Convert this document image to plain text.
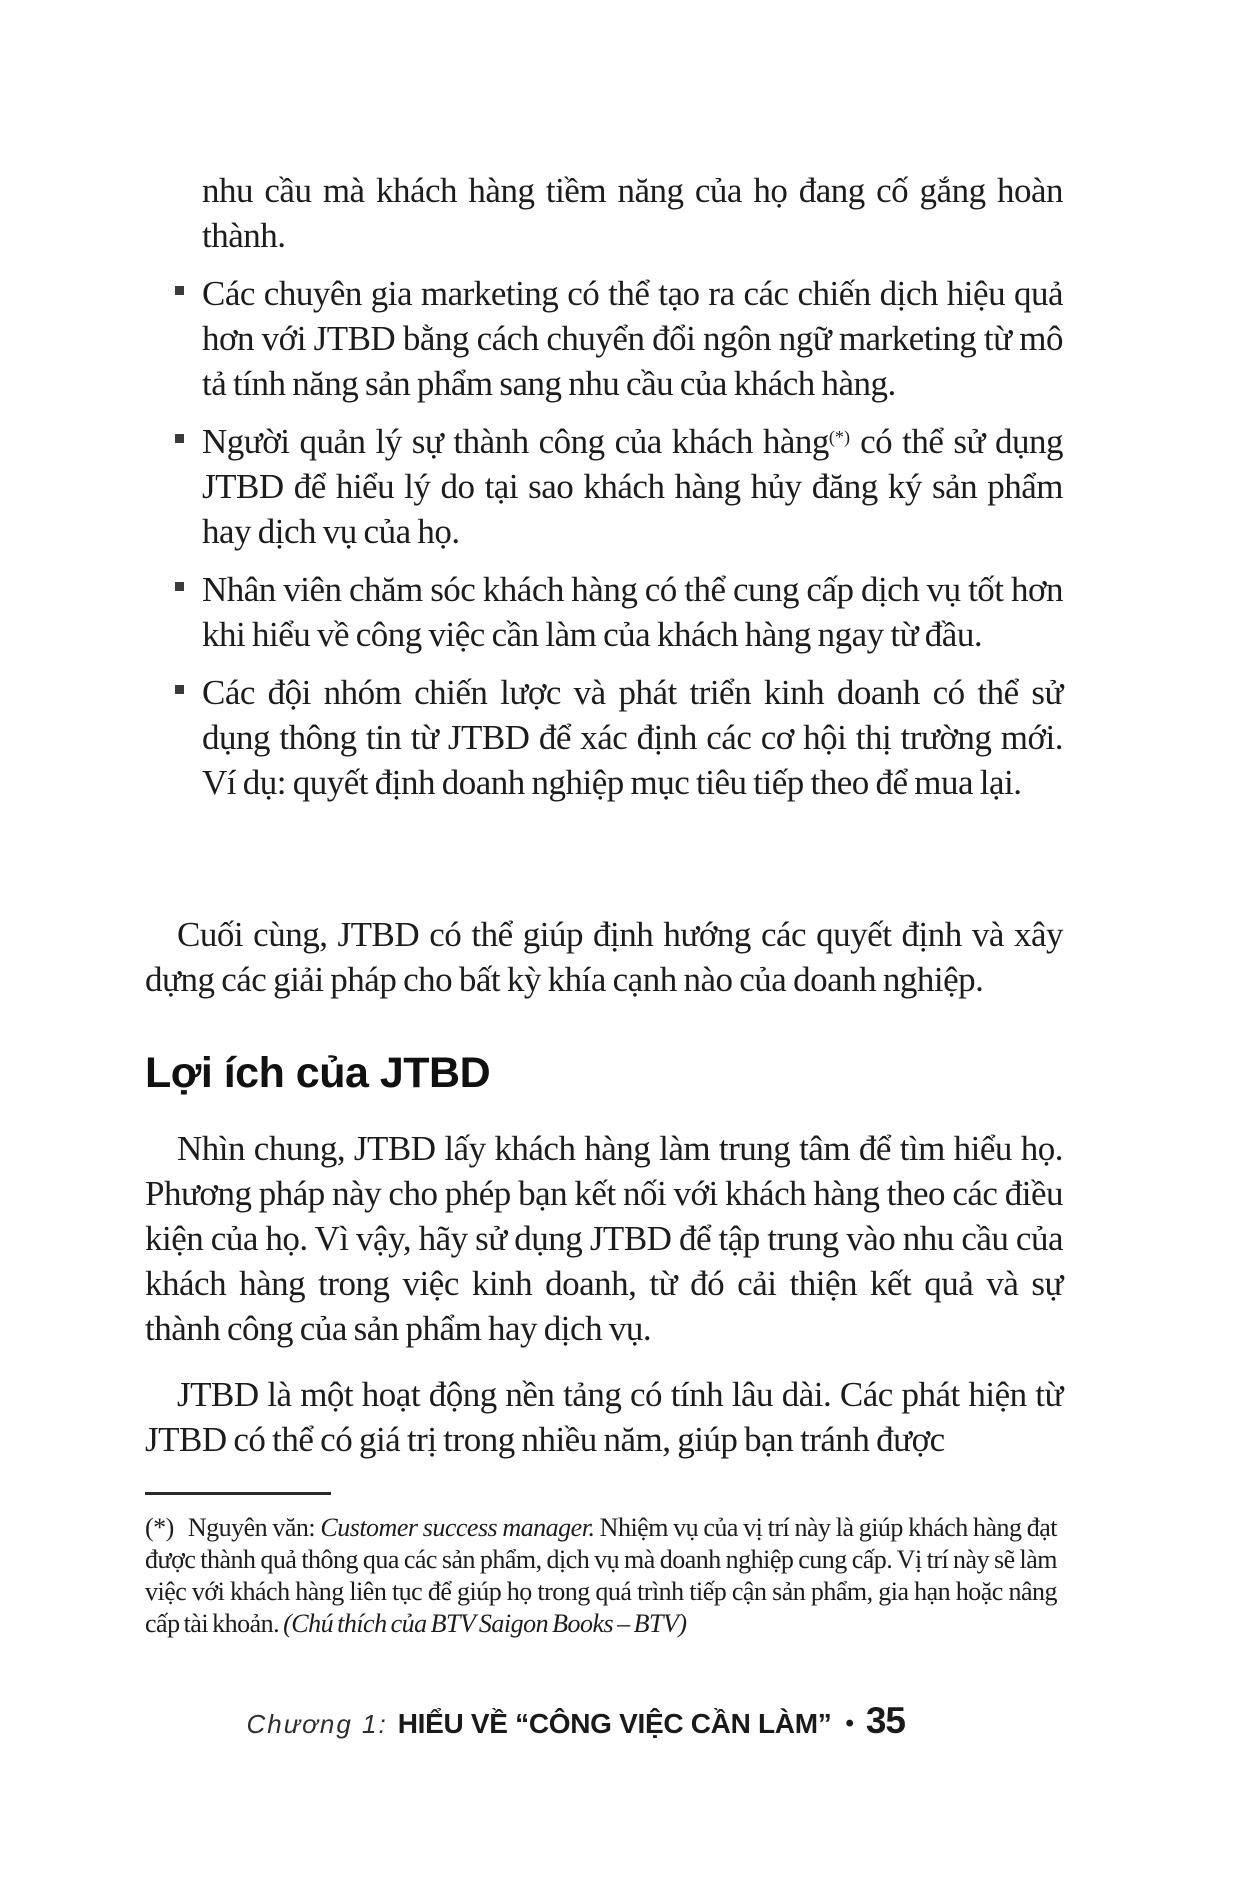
nhu cầu mà khách hàng tiềm năng của họ đang cố gắng hoàn thành.
Các chuyên gia marketing có thể tạo ra các chiến dịch hiệu quả hơn với JTBD bằng cách chuyển đổi ngôn ngữ marketing từ mô tả tính năng sản phẩm sang nhu cầu của khách hàng.
Người quản lý sự thành công của khách hàng(*) có thể sử dụng JTBD để hiểu lý do tại sao khách hàng hủy đăng ký sản phẩm hay dịch vụ của họ.
Nhân viên chăm sóc khách hàng có thể cung cấp dịch vụ tốt hơn khi hiểu về công việc cần làm của khách hàng ngay từ đầu.
Các đội nhóm chiến lược và phát triển kinh doanh có thể sử dụng thông tin từ JTBD để xác định các cơ hội thị trường mới. Ví dụ: quyết định doanh nghiệp mục tiêu tiếp theo để mua lại.

Cuối cùng, JTBD có thể giúp định hướng các quyết định và xây dựng các giải pháp cho bất kỳ khía cạnh nào của doanh nghiệp.

Lợi ích của JTBD

Nhìn chung, JTBD lấy khách hàng làm trung tâm để tìm hiểu họ. Phương pháp này cho phép bạn kết nối với khách hàng theo các điều kiện của họ. Vì vậy, hãy sử dụng JTBD để tập trung vào nhu cầu của khách hàng trong việc kinh doanh, từ đó cải thiện kết quả và sự thành công của sản phẩm hay dịch vụ.

JTBD là một hoạt động nền tảng có tính lâu dài. Các phát hiện từ JTBD có thể có giá trị trong nhiều năm, giúp bạn tránh được

(*) Nguyên văn: Customer success manager. Nhiệm vụ của vị trí này là giúp khách hàng đạt được thành quả thông qua các sản phẩm, dịch vụ mà doanh nghiệp cung cấp. Vị trí này sẽ làm việc với khách hàng liên tục để giúp họ trong quá trình tiếp cận sản phẩm, gia hạn hoặc nâng cấp tài khoản. (Chú thích của BTV Saigon Books – BTV)
Chương 1: HIỂU VỀ “CÔNG VIỆC CẦN LÀM” • 35
